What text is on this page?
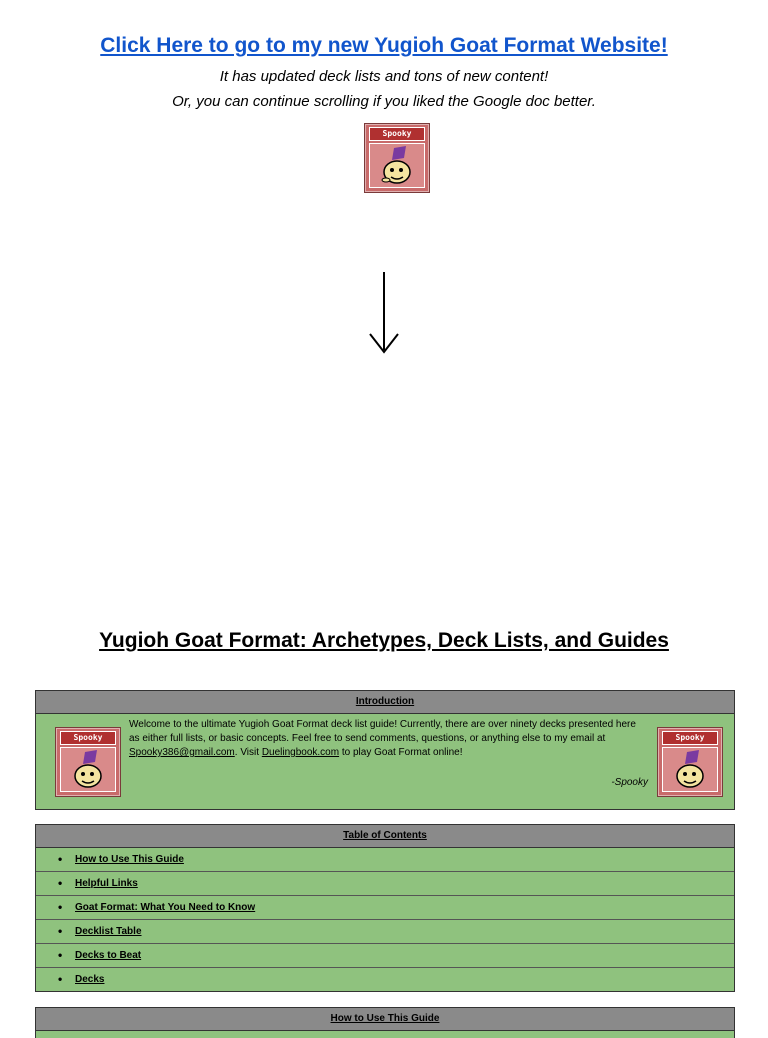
Click Here to go to my new Yugioh Goat Format Website!
It has updated deck lists and tons of new content!
Or, you can continue scrolling if you liked the Google doc better.
Spooky
Yugioh Goat Format: Archetypes, Deck Lists, and Guides
Introduction
Spooky
Welcome to the ultimate Yugioh Goat Format deck list guide! Currently, there are over ninety decks presented here as either full lists, or basic concepts. Feel free to send comments, questions, or anything else to my email at Spooky386@gmail.com. Visit Duelingbook.com to play Goat Format online!
-Spooky
Spooky
Table of Contents
• How to Use This Guide
• Helpful Links
• Goat Format: What You Need to Know
• Decklist Table
• Decks to Beat
• Decks
How to Use This Guide
